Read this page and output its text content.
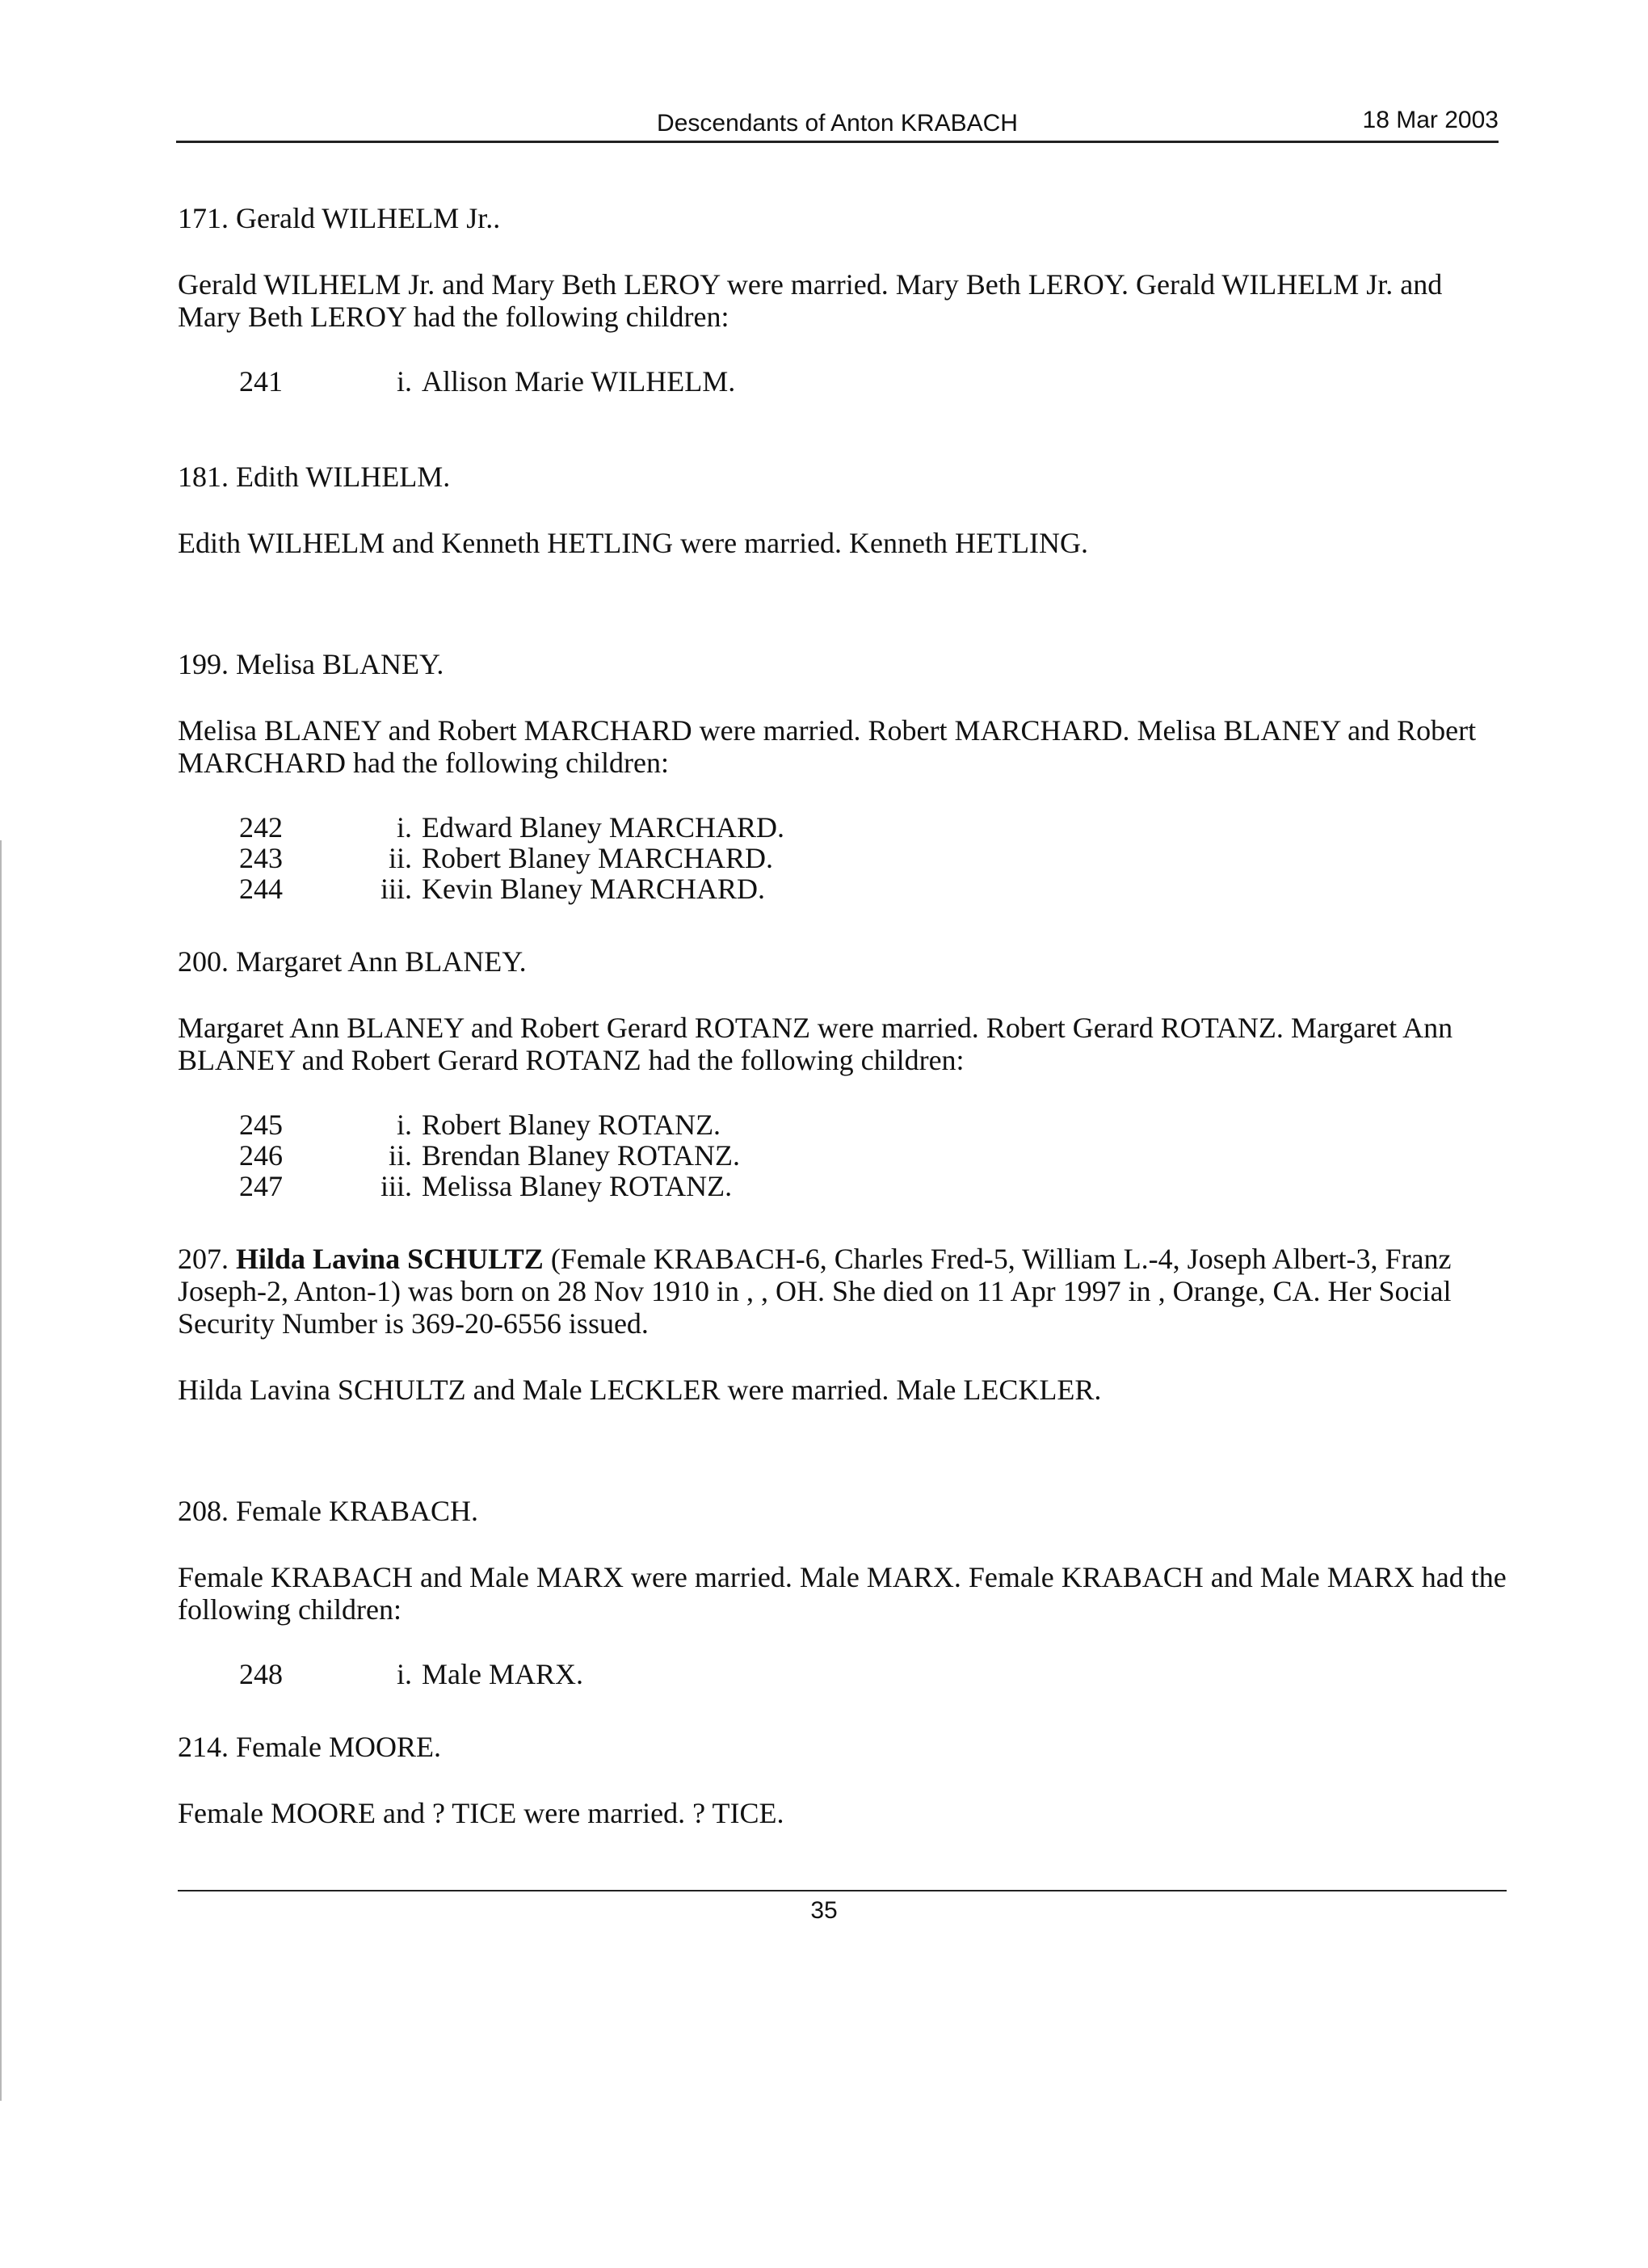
Descendants of Anton KRABACH	18 Mar 2003

171. Gerald WILHELM Jr..

Gerald WILHELM Jr. and Mary Beth LEROY were married. Mary Beth LEROY. Gerald WILHELM Jr. and Mary Beth LEROY had the following children:

241	i. Allison Marie WILHELM.

181. Edith WILHELM.

Edith WILHELM and Kenneth HETLING were married. Kenneth HETLING.

199. Melisa BLANEY.

Melisa BLANEY and Robert MARCHARD were married. Robert MARCHARD. Melisa BLANEY and Robert MARCHARD had the following children:

242	i. Edward Blaney MARCHARD.
243	ii. Robert Blaney MARCHARD.
244	iii. Kevin Blaney MARCHARD.

200. Margaret Ann BLANEY.

Margaret Ann BLANEY and Robert Gerard ROTANZ were married. Robert Gerard ROTANZ. Margaret Ann BLANEY and Robert Gerard ROTANZ had the following children:

245	i. Robert Blaney ROTANZ.
246	ii. Brendan Blaney ROTANZ.
247	iii. Melissa Blaney ROTANZ.

207. Hilda Lavina SCHULTZ (Female KRABACH-6, Charles Fred-5, William L.-4, Joseph Albert-3, Franz Joseph-2, Anton-1) was born on 28 Nov 1910 in , , OH. She died on 11 Apr 1997 in , Orange, CA. Her Social Security Number is 369-20-6556 issued.

Hilda Lavina SCHULTZ and Male LECKLER were married. Male LECKLER.

208. Female KRABACH.

Female KRABACH and Male MARX were married. Male MARX. Female KRABACH and Male MARX had the following children:

248	i. Male MARX.

214. Female MOORE.

Female MOORE and ? TICE were married. ? TICE.

35
